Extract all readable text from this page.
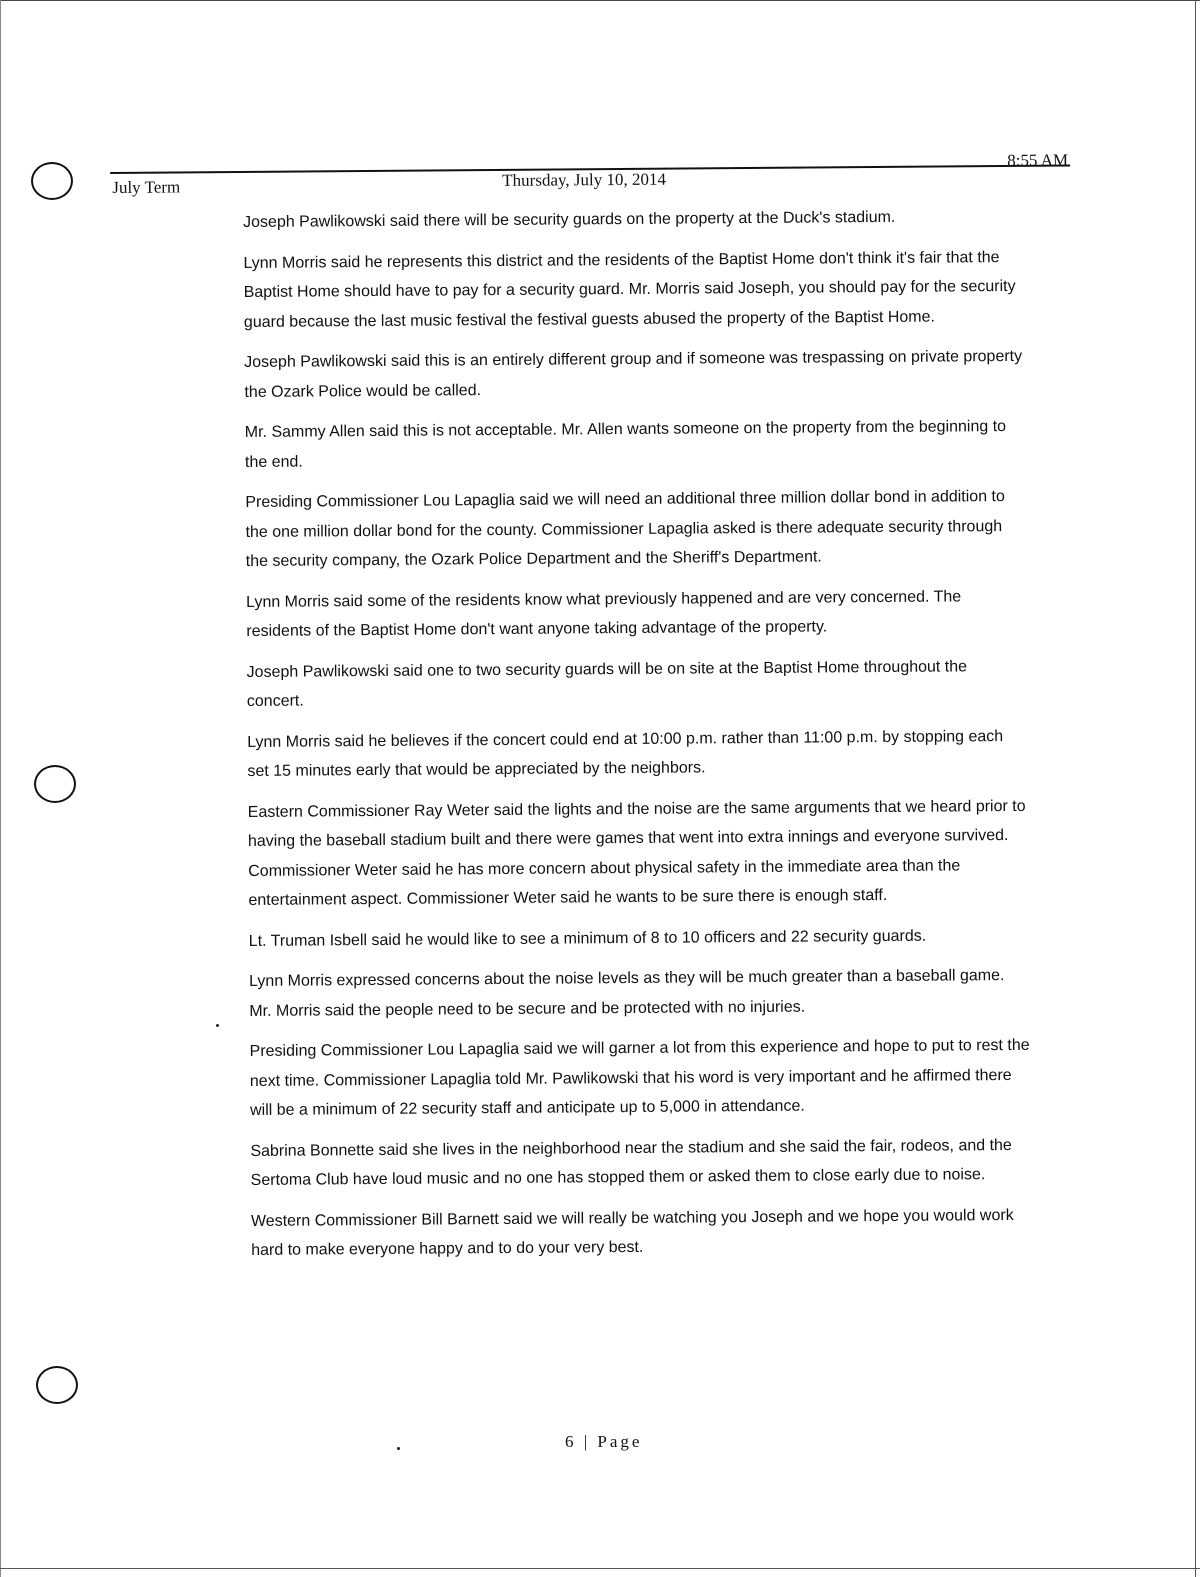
July Term	Thursday, July 10, 2014
8:55 AM

Joseph Pawlikowski said there will be security guards on the property at the Duck's stadium.

Lynn Morris said he represents this district and the residents of the Baptist Home don't think it's fair that the Baptist Home should have to pay for a security guard. Mr. Morris said Joseph, you should pay for the security guard because the last music festival the festival guests abused the property of the Baptist Home.

Joseph Pawlikowski said this is an entirely different group and if someone was trespassing on private property the Ozark Police would be called.

Mr. Sammy Allen said this is not acceptable. Mr. Allen wants someone on the property from the beginning to the end.

Presiding Commissioner Lou Lapaglia said we will need an additional three million dollar bond in addition to the one million dollar bond for the county. Commissioner Lapaglia asked is there adequate security through the security company, the Ozark Police Department and the Sheriff's Department.

Lynn Morris said some of the residents know what previously happened and are very concerned. The residents of the Baptist Home don't want anyone taking advantage of the property.

Joseph Pawlikowski said one to two security guards will be on site at the Baptist Home throughout the concert.

Lynn Morris said he believes if the concert could end at 10:00 p.m. rather than 11:00 p.m. by stopping each set 15 minutes early that would be appreciated by the neighbors.

Eastern Commissioner Ray Weter said the lights and the noise are the same arguments that we heard prior to having the baseball stadium built and there were games that went into extra innings and everyone survived. Commissioner Weter said he has more concern about physical safety in the immediate area than the entertainment aspect. Commissioner Weter said he wants to be sure there is enough staff.

Lt. Truman Isbell said he would like to see a minimum of 8 to 10 officers and 22 security guards.

Lynn Morris expressed concerns about the noise levels as they will be much greater than a baseball game. Mr. Morris said the people need to be secure and be protected with no injuries.

Presiding Commissioner Lou Lapaglia said we will garner a lot from this experience and hope to put to rest the next time. Commissioner Lapaglia told Mr. Pawlikowski that his word is very important and he affirmed there will be a minimum of 22 security staff and anticipate up to 5,000 in attendance.

Sabrina Bonnette said she lives in the neighborhood near the stadium and she said the fair, rodeos, and the Sertoma Club have loud music and no one has stopped them or asked them to close early due to noise.

Western Commissioner Bill Barnett said we will really be watching you Joseph and we hope you would work hard to make everyone happy and to do your very best.

6 | Page
